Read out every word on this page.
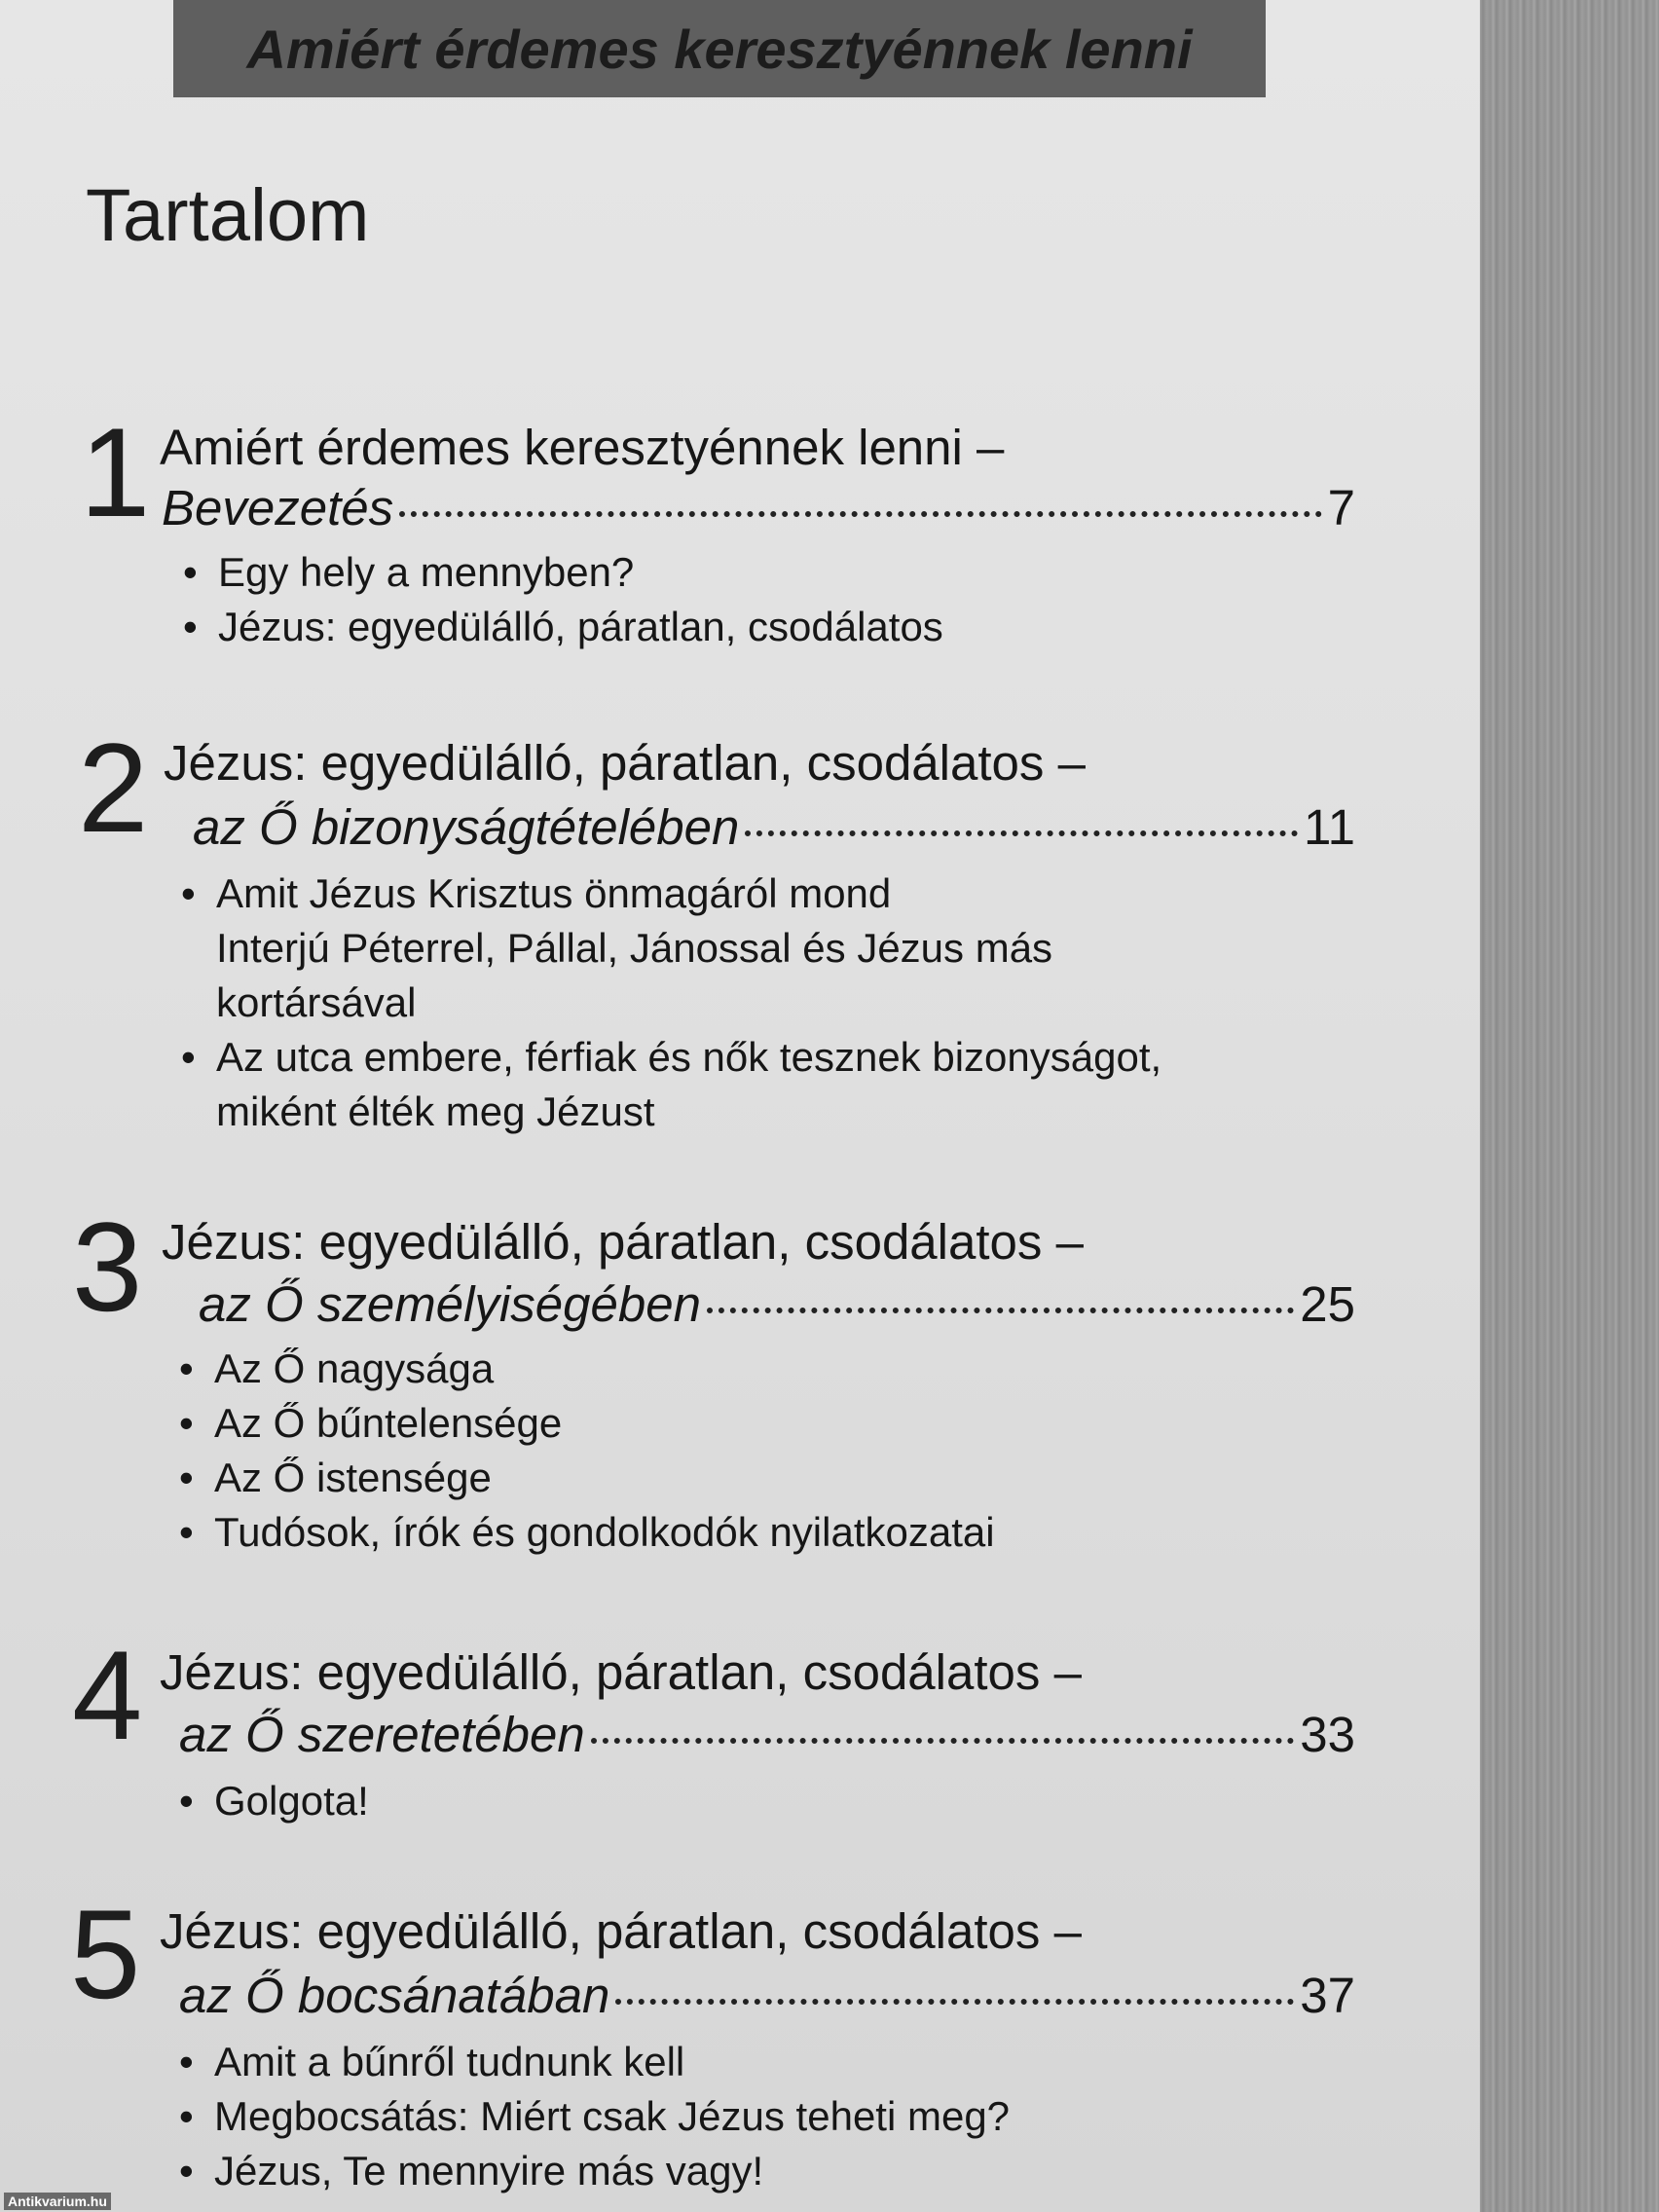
Amiért érdemes keresztyénnek lenni
Tartalom
1 Amiért érdemes keresztyénnek lenni –
Bevezetés	7
• Egy hely a mennyben?
• Jézus: egyedülálló, páratlan, csodálatos
2 Jézus: egyedülálló, páratlan, csodálatos –
az Ő bizonyságtételében	11
• Amit Jézus Krisztus önmagáról mond
Interjú Péterrel, Pállal, Jánossal és Jézus más
kortársával
• Az utca embere, férfiak és nők tesznek bizonyságot,
miként élték meg Jézust
3 Jézus: egyedülálló, páratlan, csodálatos –
az Ő személyiségében	25
• Az Ő nagysága
• Az Ő bűntelensége
• Az Ő istensége
• Tudósok, írók és gondolkodók nyilatkozatai
4 Jézus: egyedülálló, páratlan, csodálatos –
az Ő szeretetében	33
• Golgota!
5 Jézus: egyedülálló, páratlan, csodálatos –
az Ő bocsánatában	37
• Amit a bűnről tudnunk kell
• Megbocsátás: Miért csak Jézus teheti meg?
• Jézus, Te mennyire más vagy!
Antikvarium.hu
